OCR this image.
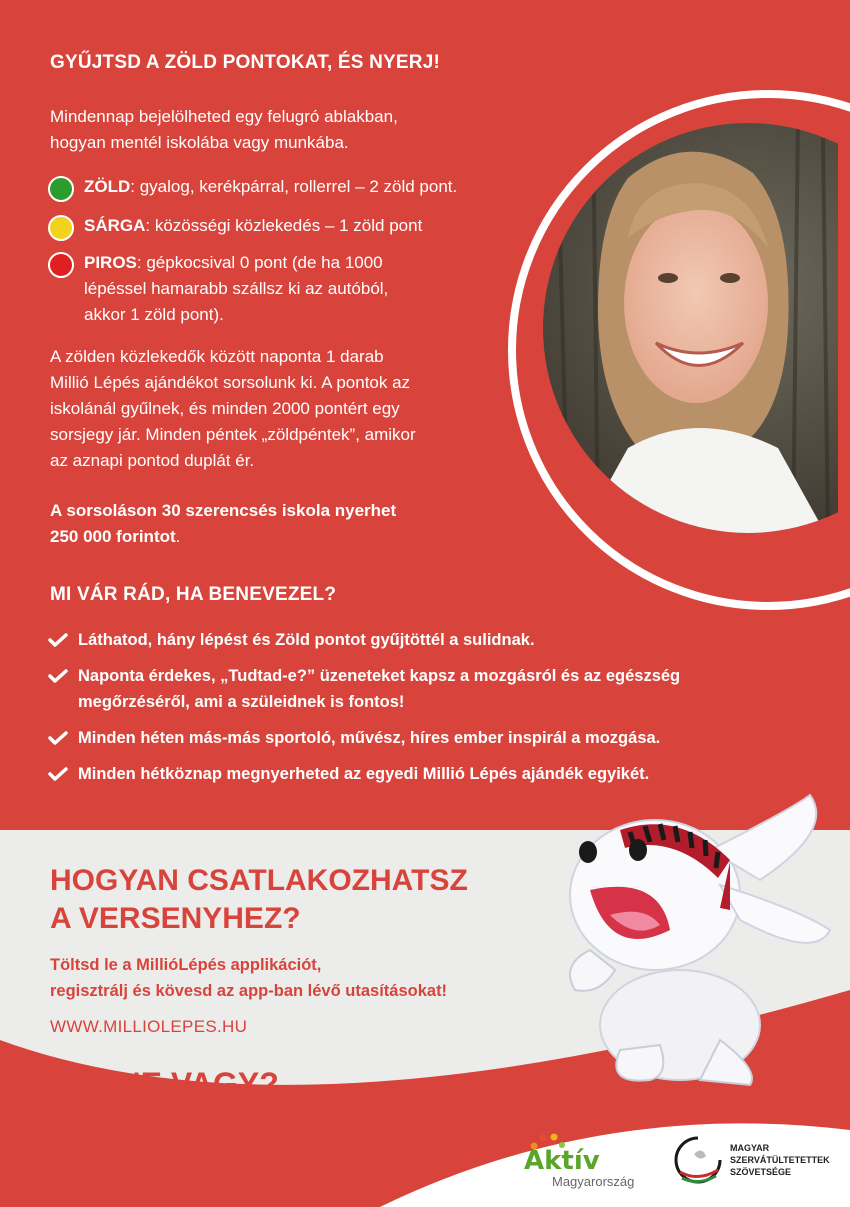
GYŰJTSD A ZÖLD PONTOKAT, ÉS NYERJ!

Mindennap bejelölheted egy felugró ablakban,
hogyan mentél iskolába vagy munkába.

ZÖLD: gyalog, kerékpárral, rollerrel – 2 zöld pont.
SÁRGA: közösségi közlekedés – 1 zöld pont
PIROS: gépkocsival 0 pont (de ha 1000
lépéssel hamarabb szállsz ki az autóból,
akkor 1 zöld pont).

A zölden közlekedők között naponta 1 darab
Millió Lépés ajándékot sorsolunk ki. A pontok az
iskolánál gyűlnek, és minden 2000 pontért egy
sorsjegy jár. Minden péntek „zöldpéntek”, amikor
az aznapi pontod duplát ér.

A sorsoláson 30 szerencsés iskola nyerhet
250 000 forintot.

MI VÁR RÁD, HA BENEVEZEL?
Láthatod, hány lépést és Zöld pontot gyűjtöttél a sulidnak.
Naponta érdekes, „Tudtad-e?” üzeneteket kapsz a mozgásról és az egészség
megőrzéséről, ami a szüleidnek is fontos!
Minden héten más-más sportoló, művész, híres ember inspirál a mozgása.
Minden hétköznap megnyerheted az egyedi Millió Lépés ajándék egyikét.
HOGYAN CSATLAKOZHATSZ
A VERSENYHEZ?

Töltsd le a MillióLépés applikációt,
regisztrálj és kövesd az app-ban lévő utasításokat!

WWW.MILLIOLEPES.HU
BENNE VAGY?
Aktív
Magyarország
MAGYAR
SZERVÁTÜLTETETTEK
SZÖVETSÉGE
